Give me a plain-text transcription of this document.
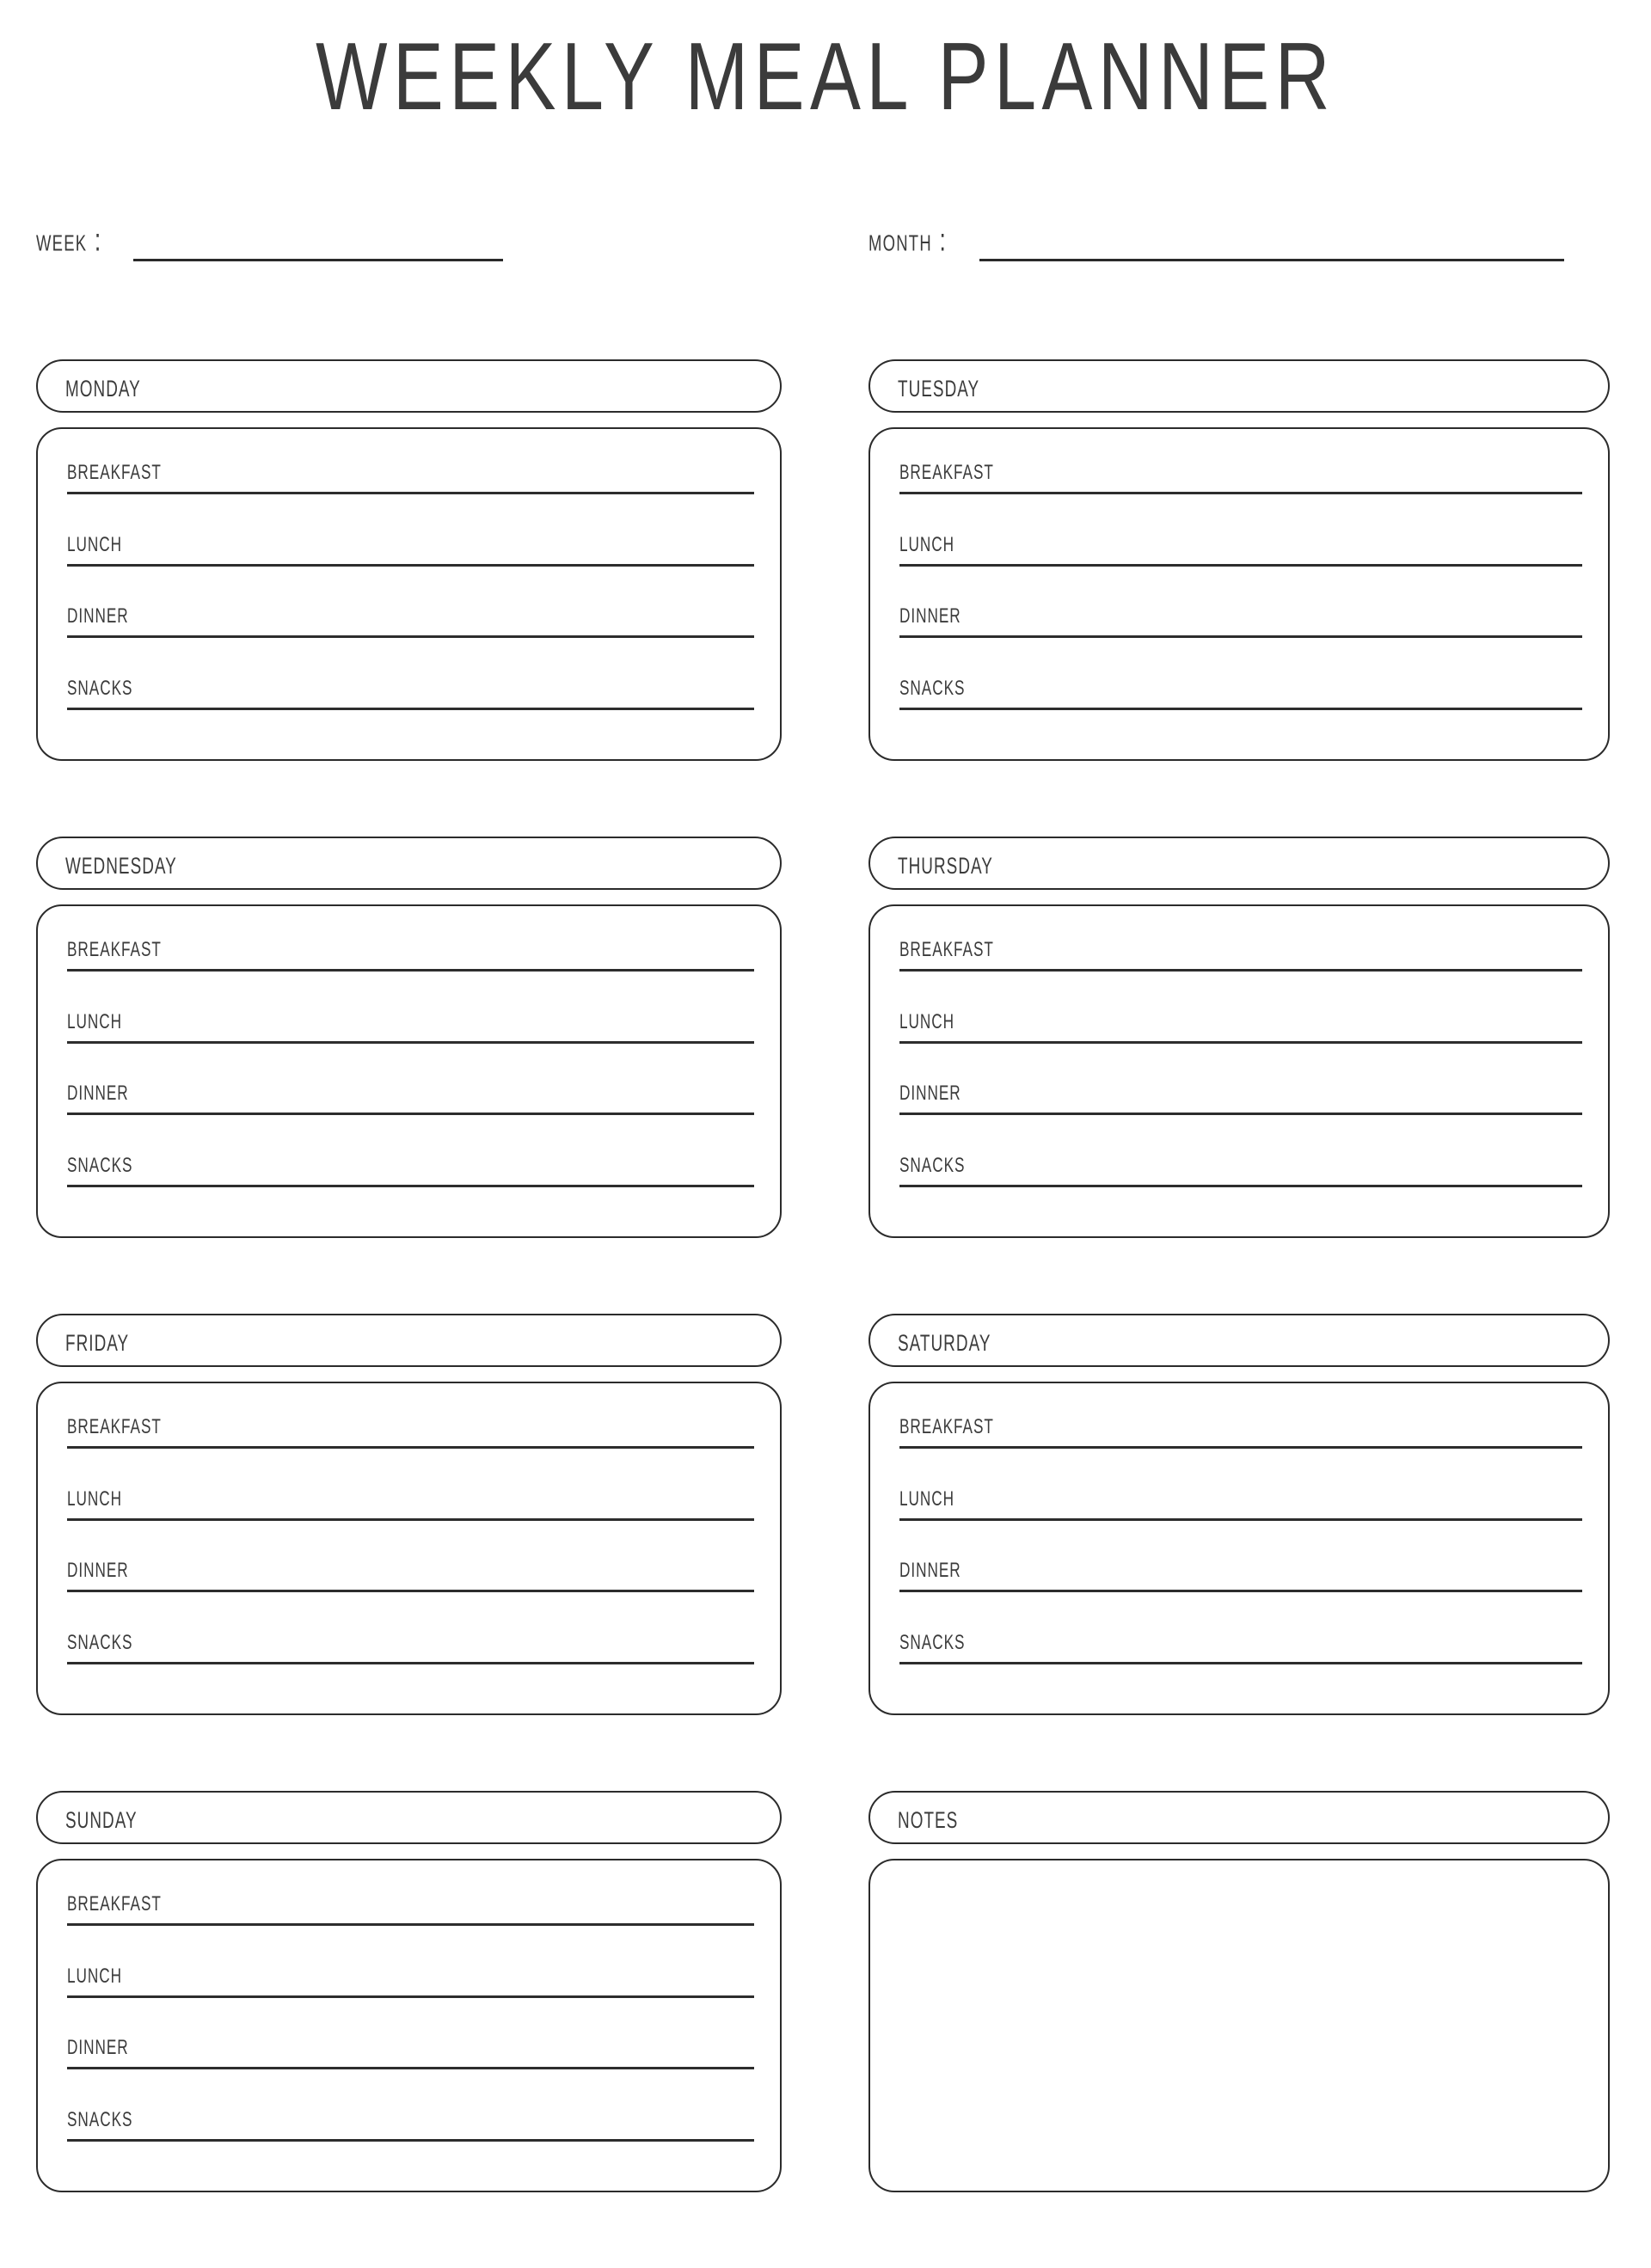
WEEKLY MEAL PLANNER
week :	month :
monday
breakfast
lunch
dinner
snacks
tuesday
breakfast
lunch
dinner
snacks
wednesday
breakfast
lunch
dinner
snacks
thursday
breakfast
lunch
dinner
snacks
friday
breakfast
lunch
dinner
snacks
saturday
breakfast
lunch
dinner
snacks
sunday
breakfast
lunch
dinner
snacks
notes
